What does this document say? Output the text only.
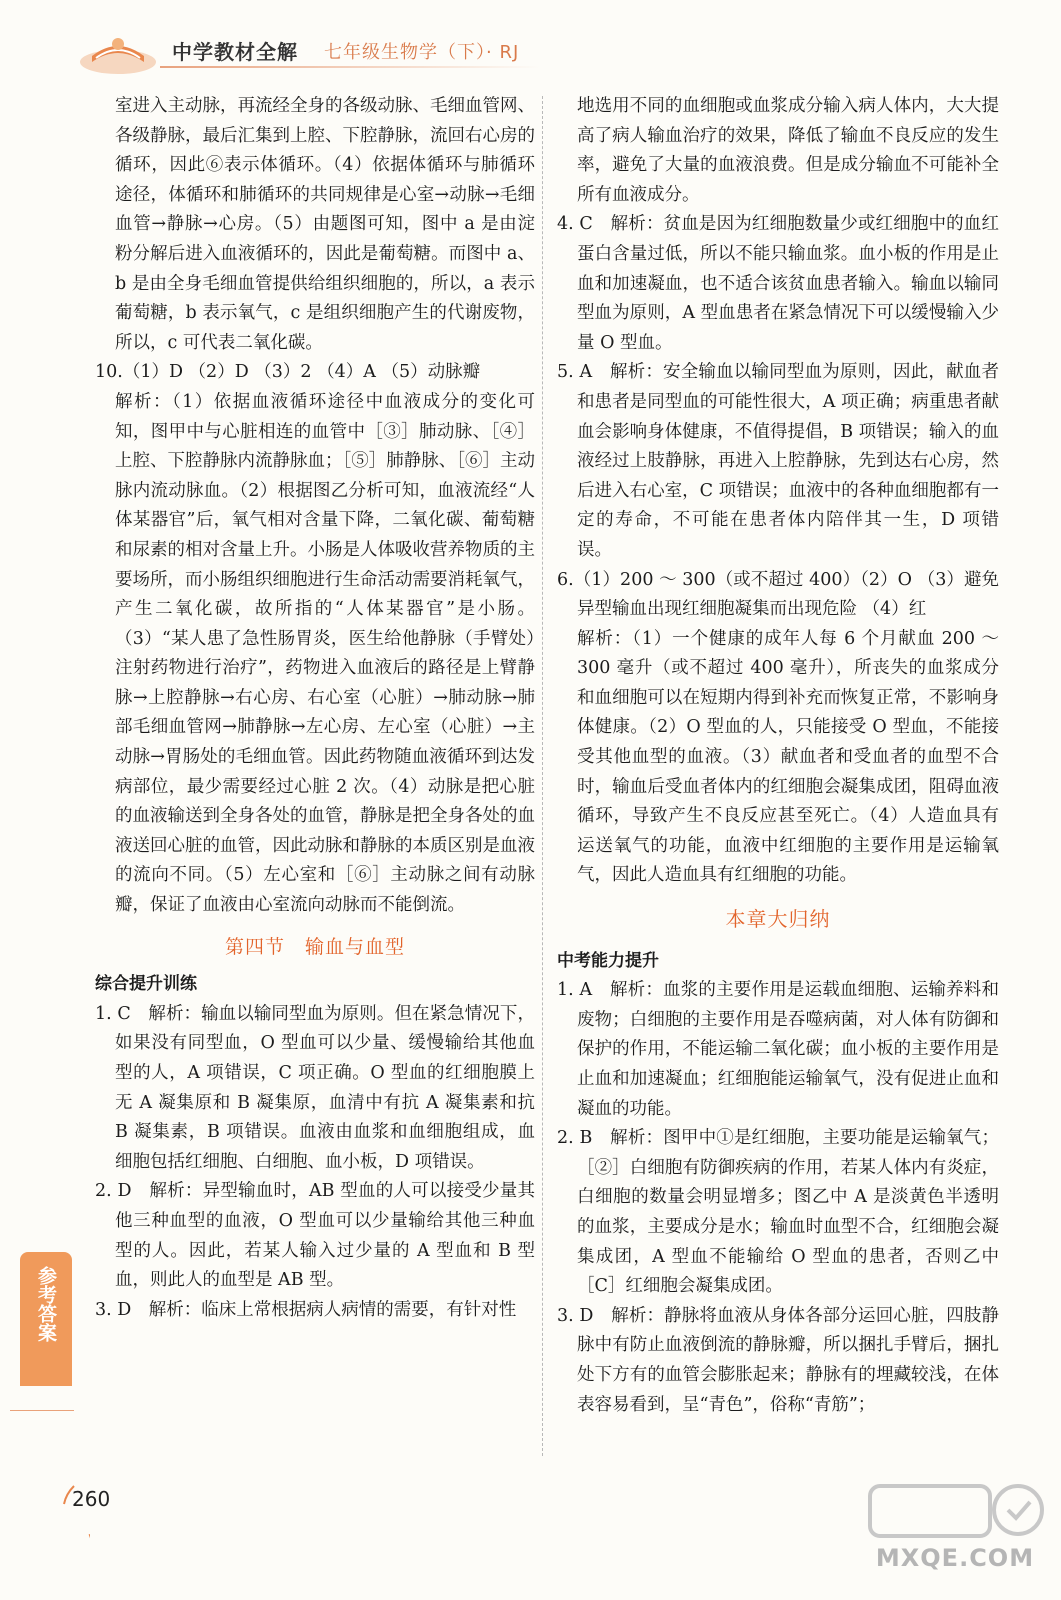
中学教材全解 七年级生物学（下）· RJ

室进入主动脉，再流经全身的各级动脉、毛细血管网、各级静脉，最后汇集到上腔、下腔静脉，流回右心房的循环，因此⑥表示体循环。（4）依据体循环与肺循环途径，体循环和肺循环的共同规律是心室→动脉→毛细血管→静脉→心房。（5）由题图可知，图中 a 是由淀粉分解后进入血液循环的，因此是葡萄糖。而图中 a、b 是由全身毛细血管提供给组织细胞的，所以，a 表示葡萄糖，b 表示氧气，c 是组织细胞产生的代谢废物，所以，c 可代表二氧化碳。

10.（1）D （2）D （3）2 （4）A （5）动脉瓣

解析：（1）依据血液循环途径中血液成分的变化可知，图甲中与心脏相连的血管中［③］肺动脉、［④］上腔、下腔静脉内流静脉血；［⑤］肺静脉、［⑥］主动脉内流动脉血。（2）根据图乙分析可知，血液流经“人体某器官”后，氧气相对含量下降，二氧化碳、葡萄糖和尿素的相对含量上升。小肠是人体吸收营养物质的主要场所，而小肠组织细胞进行生命活动需要消耗氧气，产生二氧化碳，故所指的“人体某器官”是小肠。（3）“某人患了急性肠胃炎，医生给他静脉（手臂处）注射药物进行治疗”，药物进入血液后的路径是上臂静脉→上腔静脉→右心房、右心室（心脏）→肺动脉→肺部毛细血管网→肺静脉→左心房、左心室（心脏）→主动脉→胃肠处的毛细血管。因此药物随血液循环到达发病部位，最少需要经过心脏 2 次。（4）动脉是把心脏的血液输送到全身各处的血管，静脉是把全身各处的血液送回心脏的血管，因此动脉和静脉的本质区别是血液的流向不同。（5）左心室和［⑥］主动脉之间有动脉瓣，保证了血液由心室流向动脉而不能倒流。

第四节　输血与血型

综合提升训练

1. C　解析：输血以输同型血为原则。但在紧急情况下，如果没有同型血，O 型血可以少量、缓慢输给其他血型的人，A 项错误，C 项正确。O 型血的红细胞膜上无 A 凝集原和 B 凝集原，血清中有抗 A 凝集素和抗 B 凝集素，B 项错误。血液由血浆和血细胞组成，血细胞包括红细胞、白细胞、血小板，D 项错误。

2. D　解析：异型输血时，AB 型血的人可以接受少量其他三种血型的血液，O 型血可以少量输给其他三种血型的人。因此，若某人输入过少量的 A 型血和 B 型血，则此人的血型是 AB 型。

3. D　解析：临床上常根据病人病情的需要，有针对性

地选用不同的血细胞或血浆成分输入病人体内，大大提高了病人输血治疗的效果，降低了输血不良反应的发生率，避免了大量的血液浪费。但是成分输血不可能补全所有血液成分。

4. C　解析：贫血是因为红细胞数量少或红细胞中的血红蛋白含量过低，所以不能只输血浆。血小板的作用是止血和加速凝血，也不适合该贫血患者输入。输血以输同型血为原则，A 型血患者在紧急情况下可以缓慢输入少量 O 型血。

5. A　解析：安全输血以输同型血为原则，因此，献血者和患者是同型血的可能性很大，A 项正确；病重患者献血会影响身体健康，不值得提倡，B 项错误；输入的血液经过上肢静脉，再进入上腔静脉，先到达右心房，然后进入右心室，C 项错误；血液中的各种血细胞都有一定的寿命，不可能在患者体内陪伴其一生，D 项错误。

6.（1）200 ～ 300（或不超过 400）（2）O （3）避免异型输血出现红细胞凝集而出现危险 （4）红

解析：（1）一个健康的成年人每 6 个月献血 200 ～ 300 毫升（或不超过 400 毫升），所丧失的血浆成分和血细胞可以在短期内得到补充而恢复正常，不影响身体健康。（2）O 型血的人，只能接受 O 型血，不能接受其他血型的血液。（3）献血者和受血者的血型不合时，输血后受血者体内的红细胞会凝集成团，阻碍血液循环，导致产生不良反应甚至死亡。（4）人造血具有运送氧气的功能，血液中红细胞的主要作用是运输氧气，因此人造血具有红细胞的功能。

本章大归纳

中考能力提升

1. A　解析：血浆的主要作用是运载血细胞、运输养料和废物；白细胞的主要作用是吞噬病菌，对人体有防御和保护的作用，不能运输二氧化碳；血小板的主要作用是止血和加速凝血；红细胞能运输氧气，没有促进止血和凝血的功能。

2. B　解析：图甲中①是红细胞，主要功能是运输氧气；［②］白细胞有防御疾病的作用，若某人体内有炎症，白细胞的数量会明显增多；图乙中 A 是淡黄色半透明的血浆，主要成分是水；输血时血型不合，红细胞会凝集成团，A 型血不能输给 O 型血的患者，否则乙中［C］红细胞会凝集成团。

3. D　解析：静脉将血液从身体各部分运回心脏，四肢静脉中有防止血液倒流的静脉瓣，所以捆扎手臂后，捆扎处下方有的血管会膨胀起来；静脉有的埋藏较浅，在体表容易看到，呈“青色”，俗称“青筋”；

参考答案
260
MXQE.COM
